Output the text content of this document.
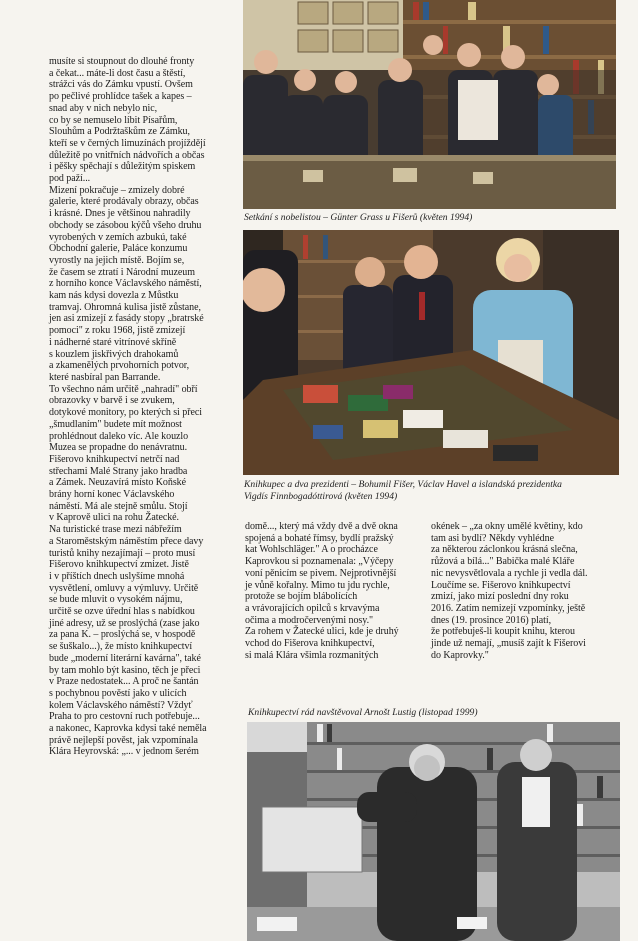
musíte si stoupnout do dlouhé fronty
a čekat... máte-li dost času a štěstí,
strážci vás do Zámku vpustí. Ovšem
po pečlivé prohlídce tašek a kapes –
snad aby v nich nebylo nic,
co by se nemuselo líbit Písařům,
Slouhům a Podržtaškům ze Zámku,
kteří se v černých limuzínách projíždějí
důležitě po vnitřních nádvořích a občas
i pěšky spěchají s důležitým spiskem
pod paží...
Mizení pokračuje – zmizely dobré
galerie, které prodávaly obrazy, občas
i krásné. Dnes je většinou nahradily
obchody se zásobou kýčů všeho druhu
vyrobených v zemích azbukú, také
Obchodní galerie, Paláce konzumu
vyrostly na jejich místě. Bojím se,
že časem se ztratí i Národní muzeum
z horního konce Václavského náměstí,
kam nás kdysi dovezla z Můstku
tramvaj. Ohromná kulisa jistě zůstane,
jen asi zmizejí z fasády stopy „bratrské
pomoci" z roku 1968, jistě zmizejí
i nádherné staré vitrínové skříně
s kouzlem jiskřivých drahokamů
a zkamenělých prvohorních potvor,
které nasbíral pan Barrande.
To všechno nám určitě „nahradí" obří
obrazovky v barvě i se zvukem,
dotykové monitory, po kterých si přeci
„šmudlaním" budete mít možnost
prohlédnout daleko víc. Ale kouzlo
Muzea se propadne do nenávratnu.
Fišerovo knihkupectví netrčí nad
střechami Malé Strany jako hradba
a Zámek. Neuzavírá místo Koňské
brány horní konec Václavského
náměstí. Má ale stejně smůlu. Stojí
v Kaprově ulici na rohu Žatecké.
Na turistické trase mezi nábřežím
a Staroměstským náměstím přece davy
turistů knihy nezajímají – proto musí
Fišerovo knihkupectví zmizet. Jistě
i v příštích dnech uslyšíme mnohá
vysvětlení, omluvy a výmluvy. Určitě
se bude mluvit o vysokém nájmu,
určitě se ozve úřední hlas s nabídkou
jiné adresy, už se proslýchá (zase jako
za pana K. – proslýchá se, v hospodě
se šuškalo...), že místo knihkupectví
bude „moderní literární kavárna", také
by tam mohlo být kasino, těch je přeci
v Praze nedostatek... A proč ne šantán
s pochybnou pověstí jako v ulicích
kolem Václavského náměstí? Vždyť
Praha to pro cestovní ruch potřebuje...
a nakonec, Kaprovka kdysi také neměla
právě nejlepší pověst, jak vzpomínala
Klára Heyrovská: „... v jednom šerém
Setkání s nobelistou – Günter Grass u Fišerů (květen 1994)
Knihkupec a dva prezidenti – Bohumil Fišer, Václav Havel a islandská prezidentka
Vigdís Finnbogadóttirová (květen 1994)
domě..., který má vždy dvě a dvě okna
spojená a bohaté římsy, bydlí pražský
kat Wohlschläger." A o procházce
Kaprovkou si poznamenala: „Výčepy
voní pěnicím se pivem. Nejprotivnější
je vůně kořalny. Mimo tu jdu rychle,
protože se bojím blábolících
a vrávorajících opilců s krvavýma
očima a modročervenými nosy."
Za rohem v Žatecké ulici, kde je druhý
vchod do Fišerova knihkupectví,
si malá Klára všimla rozmanitých
okének – „za okny umělé květiny, kdo
tam asi bydlí? Někdy vyhlédne
za některou záclonkou krásná slečna,
růžová a bílá..." Babička malé Kláře
nic nevysvětlovala a rychle ji vedla dál.
Loučíme se. Fišerovo knihkupectví
zmizí, jako mizí poslední dny roku
2016. Zatím nemizejí vzpomínky, ještě
dnes (19. prosince 2016) platí,
že potřebuješ-li koupit knihu, kterou
jinde už nemají, „musíš zajít k Fišerovi
do Kaprovky."
Knihkupectví rád navštěvoval Arnošt Lustig (listopad 1999)
